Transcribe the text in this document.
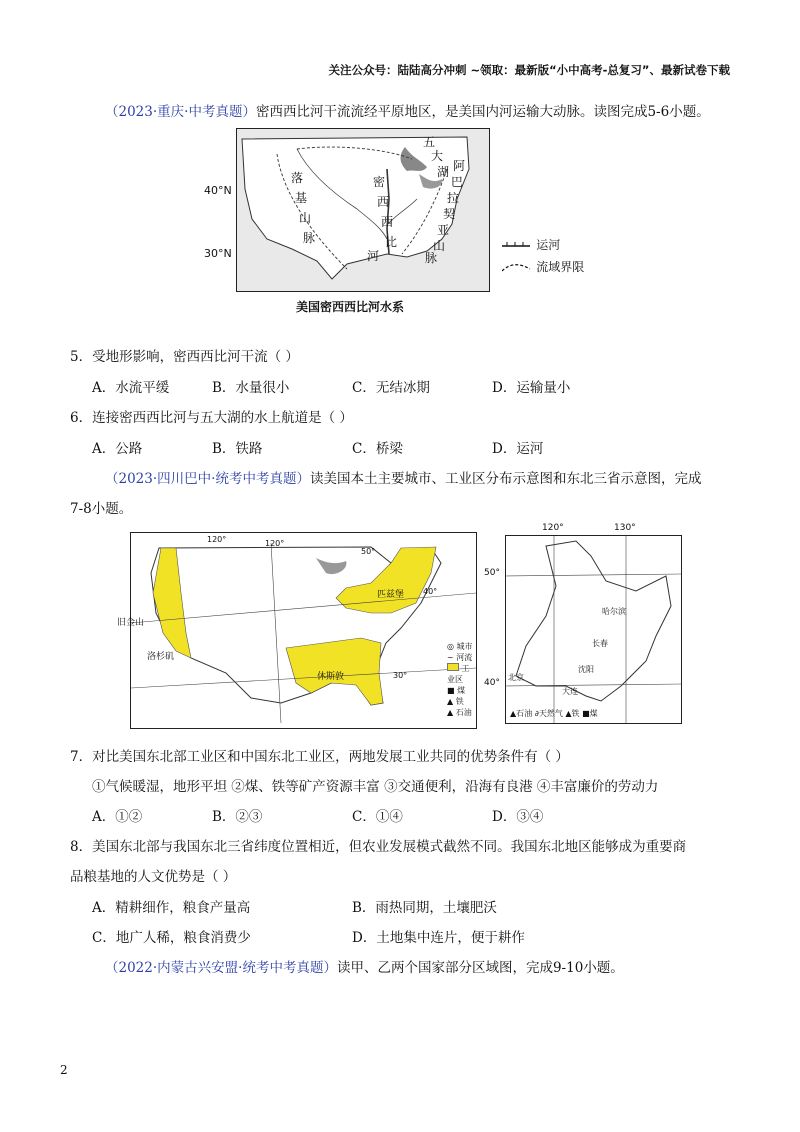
关注公众号：陆陆高分冲刺 ~领取：最新版“小中高考-总复习”、最新试卷下载
（2023·重庆·中考真题）密西西比河干流流经平原地区，是美国内河运输大动脉。读图完成5-6小题。
五
大
湖 阿
巴
拉
契
亚
山
脉
落
基
山
脉
密
西
西
比
河
40°N
30°N
运河
流域界限
美国密西西比河水系
5．受地形影响，密西西比河干流（ ）
A．水流平缓	B．水量很小	C．无结冰期	D．运输量小
6．连接密西西比河与五大湖的水上航道是（ ）
A．公路	B．铁路	C．桥梁	D．运河
（2023·四川巴中·统考中考真题）读美国本土主要城市、工业区分布示意图和东北三省示意图，完成
7-8小题。
120°	120°
50°
40°
30°
旧金山
洛杉矶
匹兹堡
休斯敦
◎ 城市
~ 河流
工业区
■ 煤
▲ 铁
▲ 石油
120°	130°
50°
40°
哈尔滨
长春
沈阳
大连
北京
▲石油 ∂天然气 ▲铁 ■煤
7．对比美国东北部工业区和中国东北工业区，两地发展工业共同的优势条件有（ ）
①气候暖湿，地形平坦 ②煤、铁等矿产资源丰富 ③交通便利，沿海有良港 ④丰富廉价的劳动力
A．①②	B．②③	C．①④	D．③④
8．美国东北部与我国东北三省纬度位置相近，但农业发展模式截然不同。我国东北地区能够成为重要商
品粮基地的人文优势是（ ）
A．精耕细作，粮食产量高	B．雨热同期，土壤肥沃
C．地广人稀，粮食消费少	D．土地集中连片，便于耕作
（2022·内蒙古兴安盟·统考中考真题）读甲、乙两个国家部分区域图，完成9-10小题。
2
